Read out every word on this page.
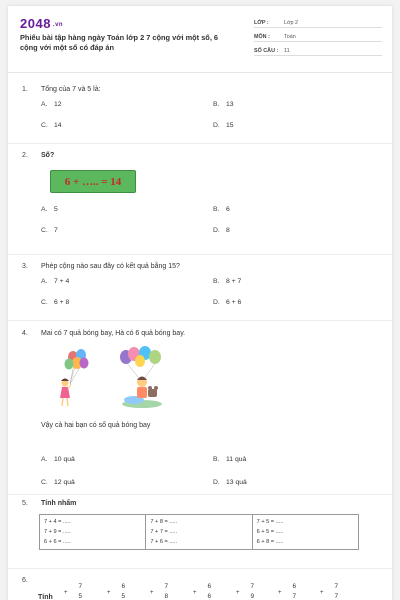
2048 .vn
Phiếu bài tập hàng ngày Toán lớp 2 7 cộng với một số, 6 cộng với một số có đáp án
LỚP :	Lớp 2
MÔN :	Toán
SỐ CÂU :	11
1.	Tổng của 7 và 5 là:
A. 12	B. 13
C. 14	D. 15
2.	Số?
6 + ….. = 14
A. 5	B. 6
C. 7	D. 8
3.	Phép cộng nào sau đây có kết quả bằng 15?
A. 7 + 4	B. 8 + 7
C. 6 + 8	D. 6 + 6
4.	Mai có 7 quả bóng bay, Hà có 6 quả bóng bay.
Vậy cả hai bạn có số quả bóng bay
A. 10 quả	B. 11 quả
C. 12 quả	D. 13 quả
5.	Tính nhẩm
7 + 4 = .....
7 + 9 = .....
6 + 6 = .....

7 + 8 = .....
7 + 7 = .....
7 + 6 = .....

7 + 5 = .....
6 + 5 = .....
6 + 8 = .....
6.
Tính
7
+	5
6
+	5
7
+	8
6
+	6
7
+	9
6
+	7
7
+	7
